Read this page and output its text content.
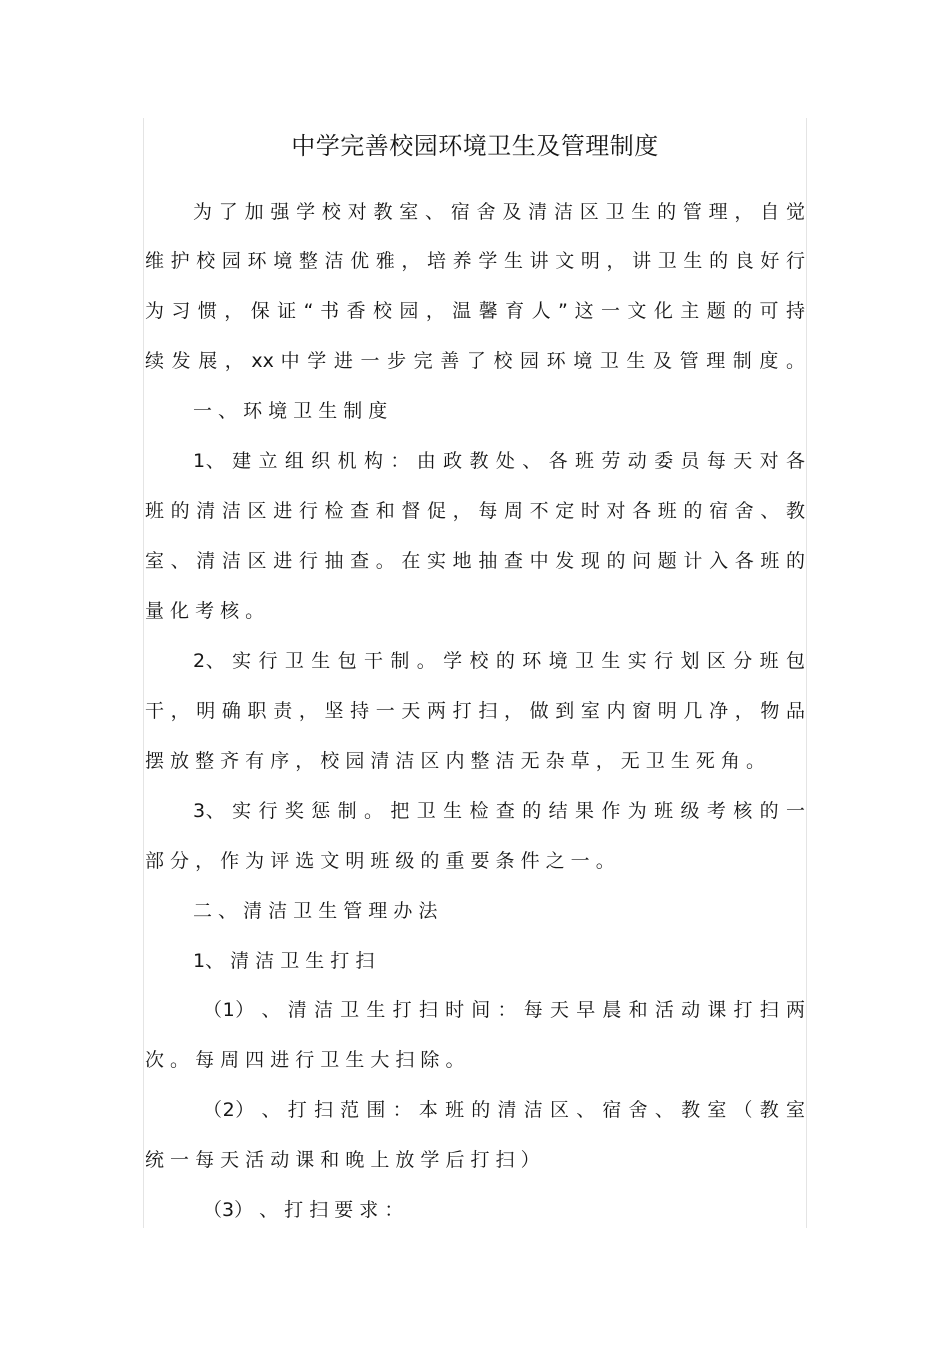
中学完善校园环境卫生及管理制度
为 了 加 强 学 校 对 教 室 、 宿 舍 及 清 洁 区 卫 生 的 管 理 ， 自 觉
维 护 校 园 环 境 整 洁 优 雅 ， 培 养 学 生 讲 文 明 ， 讲 卫 生 的 良 好 行
为 习 惯 ， 保 证 “ 书 香 校 园 ， 温 馨 育 人 ” 这 一 文 化 主 题 的 可 持
续 发 展 ， xx 中 学 进 一 步 完 善 了 校 园 环 境 卫 生 及 管 理 制 度 。
一 、 环 境 卫 生 制 度
1、 建 立 组 织 机 构 ： 由 政 教 处 、 各 班 劳 动 委 员 每 天 对 各
班 的 清 洁 区 进 行 检 查 和 督 促 ， 每 周 不 定 时 对 各 班 的 宿 舍 、 教
室 、 清 洁 区 进 行 抽 查 。 在 实 地 抽 查 中 发 现 的 问 题 计 入 各 班 的
量 化 考 核 。
2、 实 行 卫 生 包 干 制 。 学 校 的 环 境 卫 生 实 行 划 区 分 班 包
干 ， 明 确 职 责 ， 坚 持 一 天 两 打 扫 ， 做 到 室 内 窗 明 几 净 ， 物 品
摆 放 整 齐 有 序 ， 校 园 清 洁 区 内 整 洁 无 杂 草 ， 无 卫 生 死 角 。
3、 实 行 奖 惩 制 。 把 卫 生 检 查 的 结 果 作 为 班 级 考 核 的 一
部 分 ， 作 为 评 选 文 明 班 级 的 重 要 条 件 之 一 。
二 、 清 洁 卫 生 管 理 办 法
1、 清 洁 卫 生 打 扫
（1） 、 清 洁 卫 生 打 扫 时 间 ： 每 天 早 晨 和 活 动 课 打 扫 两
次 。 每 周 四 进 行 卫 生 大 扫 除 。
（2） 、 打 扫 范 围 ： 本 班 的 清 洁 区 、 宿 舍 、 教 室 （ 教 室
统 一 每 天 活 动 课 和 晚 上 放 学 后 打 扫 ）
（3） 、 打 扫 要 求 ：
